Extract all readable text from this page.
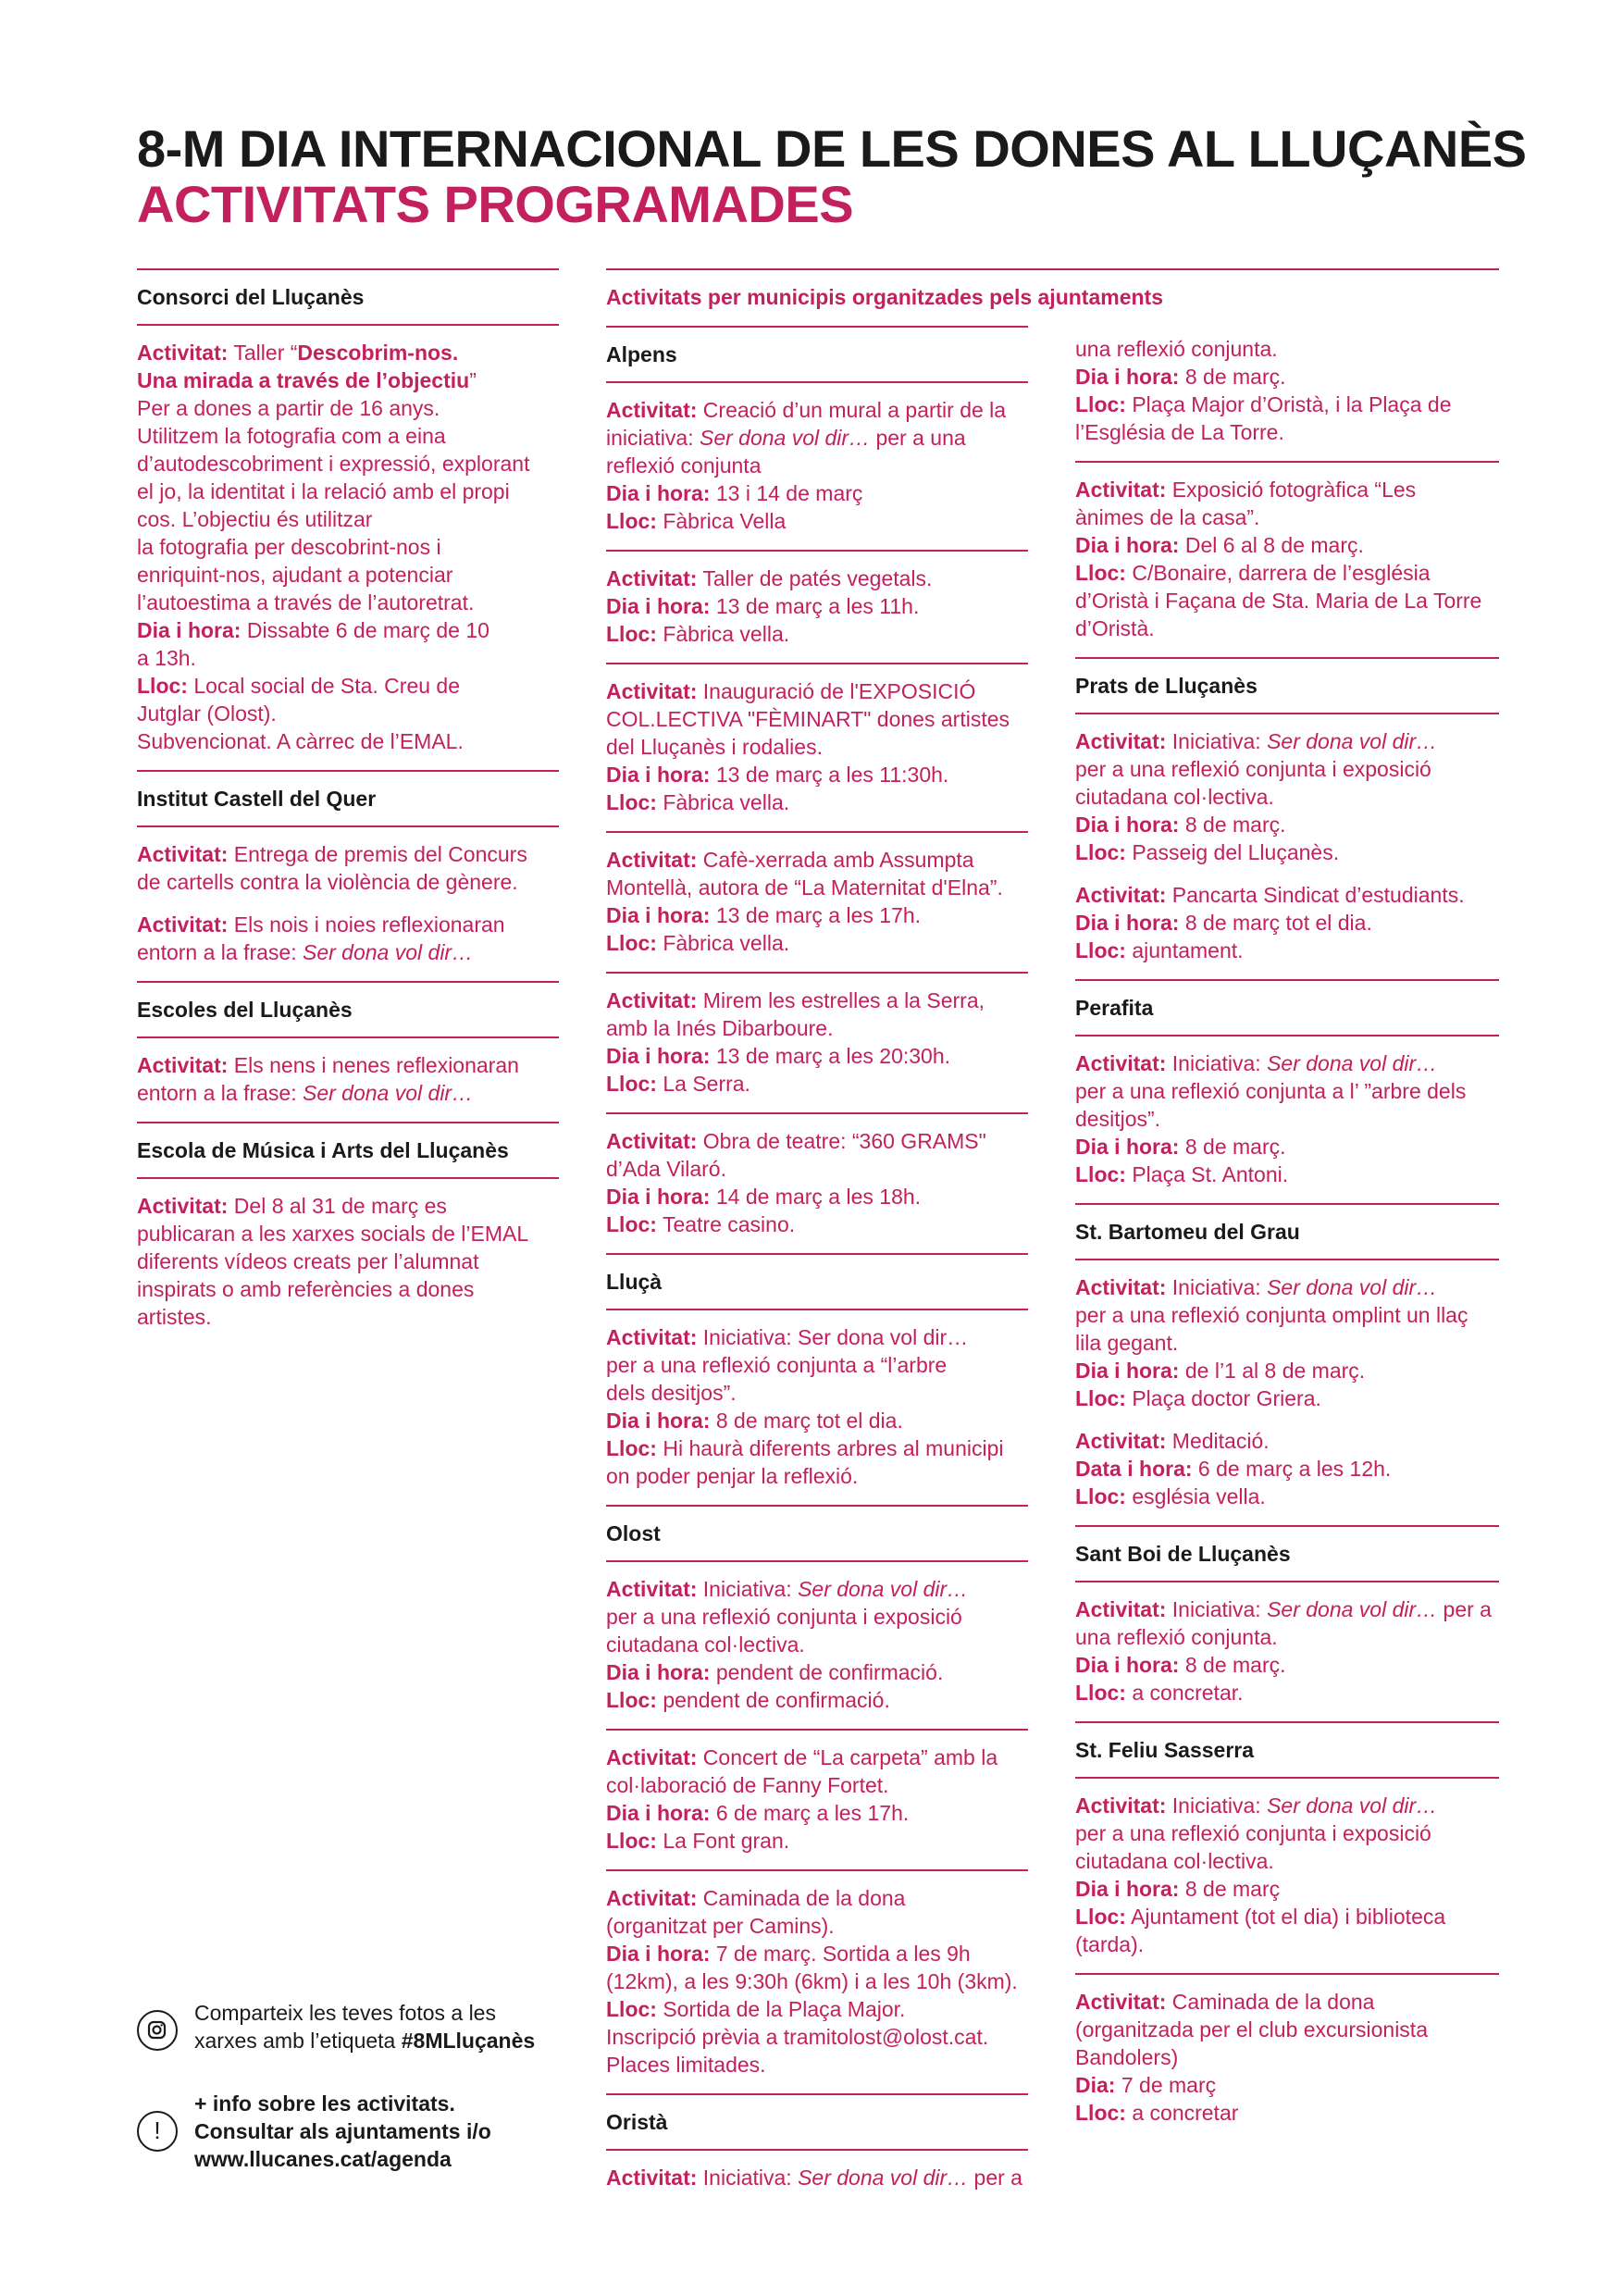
8-M DIA INTERNACIONAL DE LES DONES AL LLUÇANÈS
ACTIVITATS PROGRAMADES
Consorci del Lluçanès
Activitat: Taller “Descobrim-nos.
Una mirada a través de l’objectiu”
Per a dones a partir de 16 anys.
Utilitzem la fotografia com a eina
d’autodescobriment i expressió, explorant
el jo, la identitat i la relació amb el propi
cos. L’objectiu és utilitzar
la fotografia per descobrint-nos i
enriquint-nos, ajudant a potenciar
l’autoestima a través de l’autoretrat.
Dia i hora: Dissabte 6 de març de 10
a 13h.
Lloc: Local social de Sta. Creu de
Jutglar (Olost).
Subvencionat. A càrrec de l’EMAL.
Institut Castell del Quer
Activitat: Entrega de premis del Concurs
de cartells contra la violència de gènere.
Activitat: Els nois i noies reflexionaran
entorn a la frase: Ser dona vol dir…
Escoles del Lluçanès
Activitat: Els nens i nenes reflexionaran
entorn a la frase: Ser dona vol dir…
Escola de Música i Arts del Lluçanès
Activitat: Del 8 al 31 de març es
publicaran a les xarxes socials de l’EMAL
diferents vídeos creats per l’alumnat
inspirats o amb referències a dones
artistes.
Activitats per municipis organitzades pels ajuntaments
Alpens
Activitat: Creació d’un mural a partir de la
iniciativa: Ser dona vol dir… per a una
reflexió conjunta
Dia i hora: 13 i 14 de març
Lloc: Fàbrica Vella
Activitat: Taller de patés vegetals.
Dia i hora: 13 de març a les 11h.
Lloc: Fàbrica vella.
Activitat: Inauguració de l'EXPOSICIÓ
COL.LECTIVA "FÈMINART" dones artistes
del Lluçanès i rodalies.
Dia i hora: 13 de març a les 11:30h.
Lloc: Fàbrica vella.
Activitat: Cafè-xerrada amb Assumpta
Montellà, autora de “La Maternitat d'Elna”.
Dia i hora: 13 de març a les 17h.
Lloc: Fàbrica vella.
Activitat: Mirem les estrelles a la Serra,
amb la Inés Dibarboure.
Dia i hora: 13 de març a les 20:30h.
Lloc: La Serra.
Activitat: Obra de teatre: “360 GRAMS"
d’Ada Vilaró.
Dia i hora: 14 de març a les 18h.
Lloc: Teatre casino.
Lluçà
Activitat: Iniciativa: Ser dona vol dir…
per a una reflexió conjunta a “l’arbre
dels desitjos”.
Dia i hora: 8 de març tot el dia.
Lloc: Hi haurà diferents arbres al municipi
on poder penjar la reflexió.
Olost
Activitat: Iniciativa: Ser dona vol dir…
per a una reflexió conjunta i exposició
ciutadana col·lectiva.
Dia i hora: pendent de confirmació.
Lloc: pendent de confirmació.
Activitat: Concert de “La carpeta” amb la
col·laboració de Fanny Fortet.
Dia i hora: 6 de març a les 17h.
Lloc: La Font gran.
Activitat: Caminada de la dona
(organitzat per Camins).
Dia i hora: 7 de març. Sortida a les 9h
(12km), a les 9:30h (6km) i a les 10h (3km).
Lloc: Sortida de la Plaça Major.
Inscripció prèvia a tramitolost@olost.cat.
Places limitades.
Oristà
Activitat: Iniciativa: Ser dona vol dir… per a
una reflexió conjunta.
Dia i hora: 8 de març.
Lloc: Plaça Major d’Oristà, i la Plaça de
l’Església de La Torre.
Activitat: Exposició fotogràfica “Les
ànimes de la casa”.
Dia i hora: Del 6 al 8 de març.
Lloc: C/Bonaire, darrera de l’església
d’Oristà i Façana de Sta. Maria de La Torre
d’Oristà.
Prats de Lluçanès
Activitat: Iniciativa: Ser dona vol dir…
per a una reflexió conjunta i exposició
ciutadana col·lectiva.
Dia i hora: 8 de març.
Lloc: Passeig del Lluçanès.
Activitat: Pancarta Sindicat d’estudiants.
Dia i hora: 8 de març tot el dia.
Lloc: ajuntament.
Perafita
Activitat: Iniciativa: Ser dona vol dir…
per a una reflexió conjunta a l’ ”arbre dels
desitjos”.
Dia i hora: 8 de març.
Lloc: Plaça St. Antoni.
St. Bartomeu del Grau
Activitat: Iniciativa: Ser dona vol dir…
per a una reflexió conjunta omplint un llaç
lila gegant.
Dia i hora: de l’1 al 8 de març.
Lloc: Plaça doctor Griera.
Activitat: Meditació.
Data i hora: 6 de març a les 12h.
Lloc: església vella.
Sant Boi de Lluçanès
Activitat: Iniciativa: Ser dona vol dir… per a
una reflexió conjunta.
Dia i hora: 8 de març.
Lloc: a concretar.
St. Feliu Sasserra
Activitat: Iniciativa: Ser dona vol dir…
per a una reflexió conjunta i exposició
ciutadana col·lectiva.
Dia i hora: 8 de març
Lloc: Ajuntament (tot el dia) i biblioteca
(tarda).
Activitat: Caminada de la dona
(organitzada per el club excursionista
Bandolers)
Dia: 7 de març
Lloc: a concretar
Comparteix les teves fotos a les
xarxes amb l’etiqueta #8MLluçanès
!
+ info sobre les activitats.
Consultar als ajuntaments i/o
www.llucanes.cat/agenda
